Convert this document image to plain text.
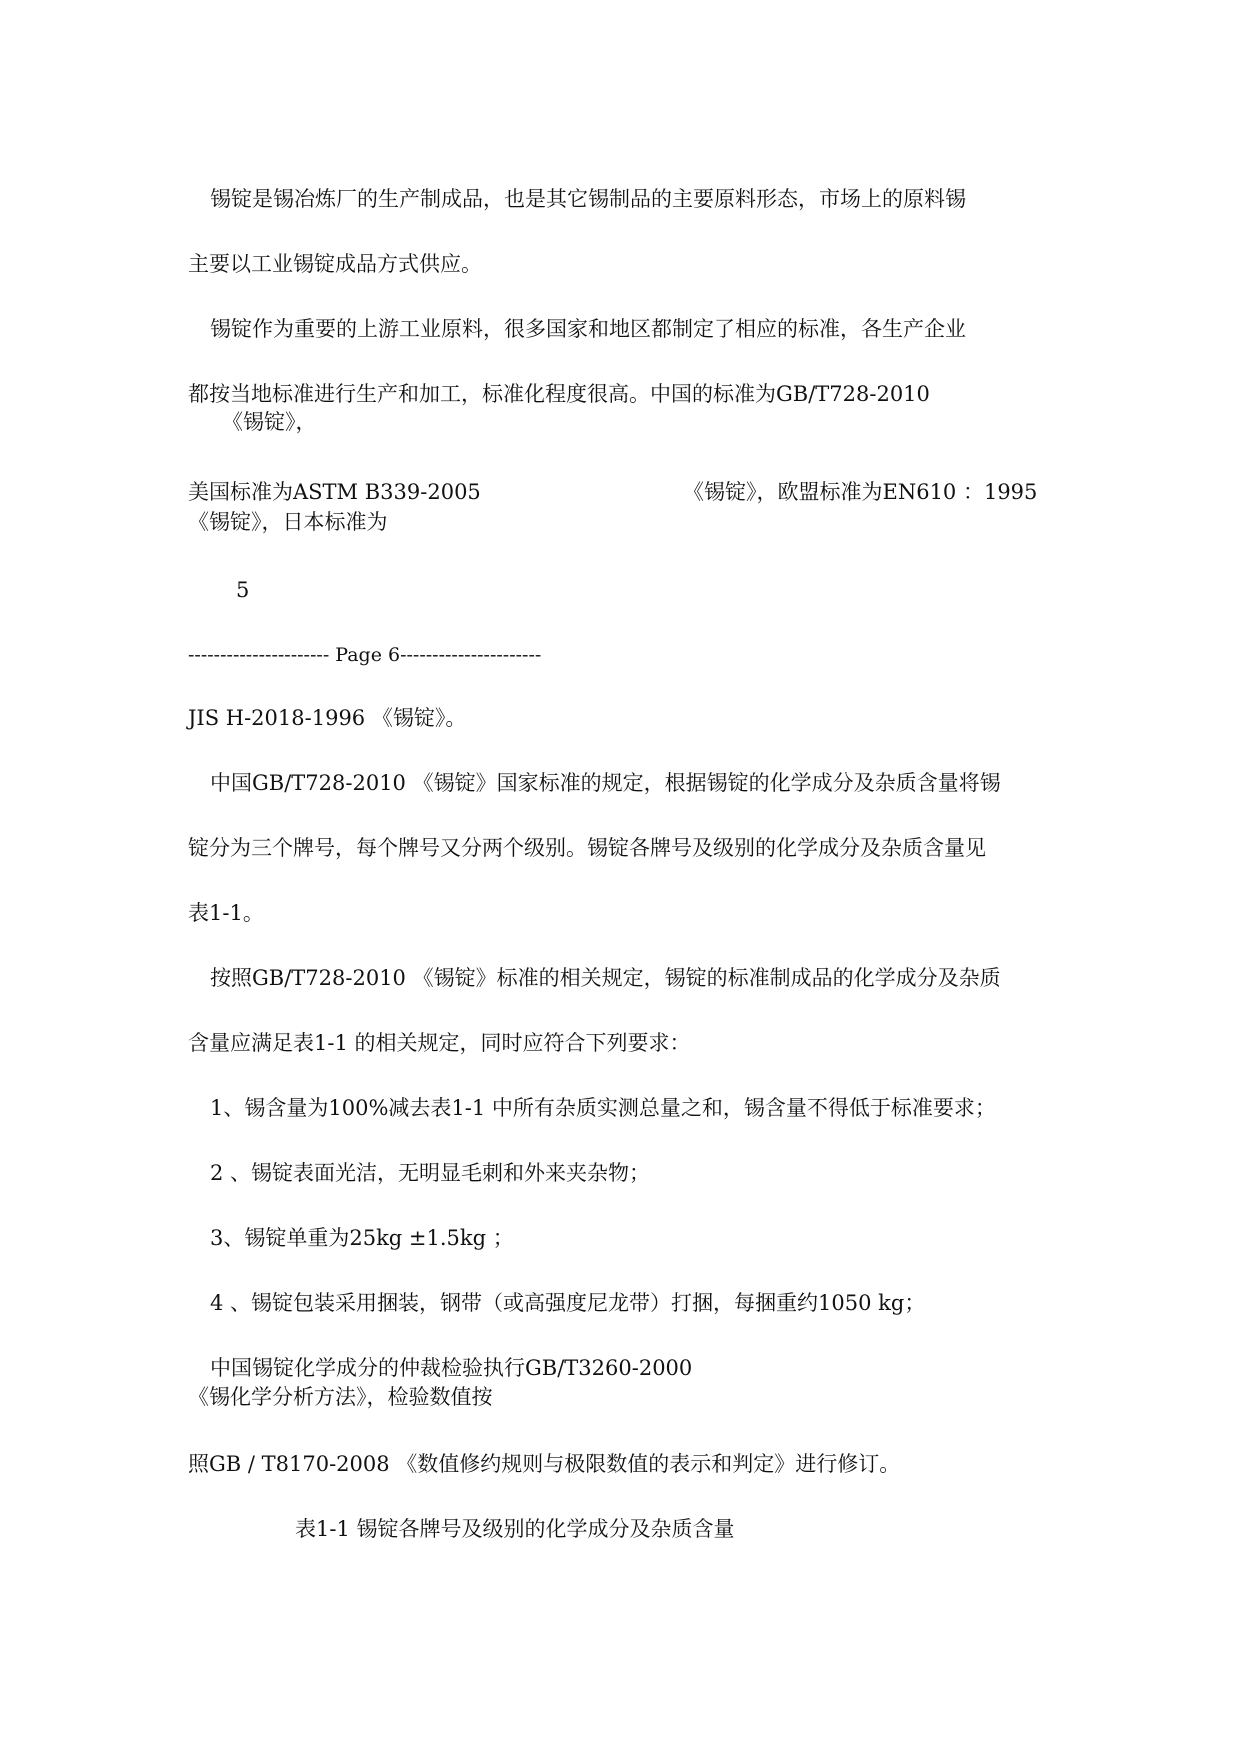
锡锭是锡冶炼厂的生产制成品，也是其它锡制品的主要原料形态，市场上的原料锡
主要以工业锡锭成品方式供应。
锡锭作为重要的上游工业原料，很多国家和地区都制定了相应的标准，各生产企业
都按当地标准进行生产和加工，标准化程度很高。中国的标准为GB/T728-2010
《锡锭》，
美国标准为ASTM B339-2005	《锡锭》，欧盟标准为EN610 ：1995
《锡锭》，日本标准为
5
---------------------- Page 6----------------------
JIS H-2018-1996 《锡锭》。
中国GB/T728-2010 《锡锭》国家标准的规定，根据锡锭的化学成分及杂质含量将锡
锭分为三个牌号，每个牌号又分两个级别。锡锭各牌号及级别的化学成分及杂质含量见
表1-1。
按照GB/T728-2010 《锡锭》标准的相关规定，锡锭的标准制成品的化学成分及杂质
含量应满足表1-1 的相关规定，同时应符合下列要求：
1、锡含量为100%减去表1-1 中所有杂质实测总量之和，锡含量不得低于标准要求；
2 、锡锭表面光洁，无明显毛刺和外来夹杂物；
3、锡锭单重为25kg ±1.5kg ；
4 、锡锭包装采用捆装，钢带（或高强度尼龙带）打捆，每捆重约1050 kg；
中国锡锭化学成分的仲裁检验执行GB/T3260-2000
《锡化学分析方法》，检验数值按
照GB / T8170-2008 《数值修约规则与极限数值的表示和判定》进行修订。
表1-1 锡锭各牌号及级别的化学成分及杂质含量
